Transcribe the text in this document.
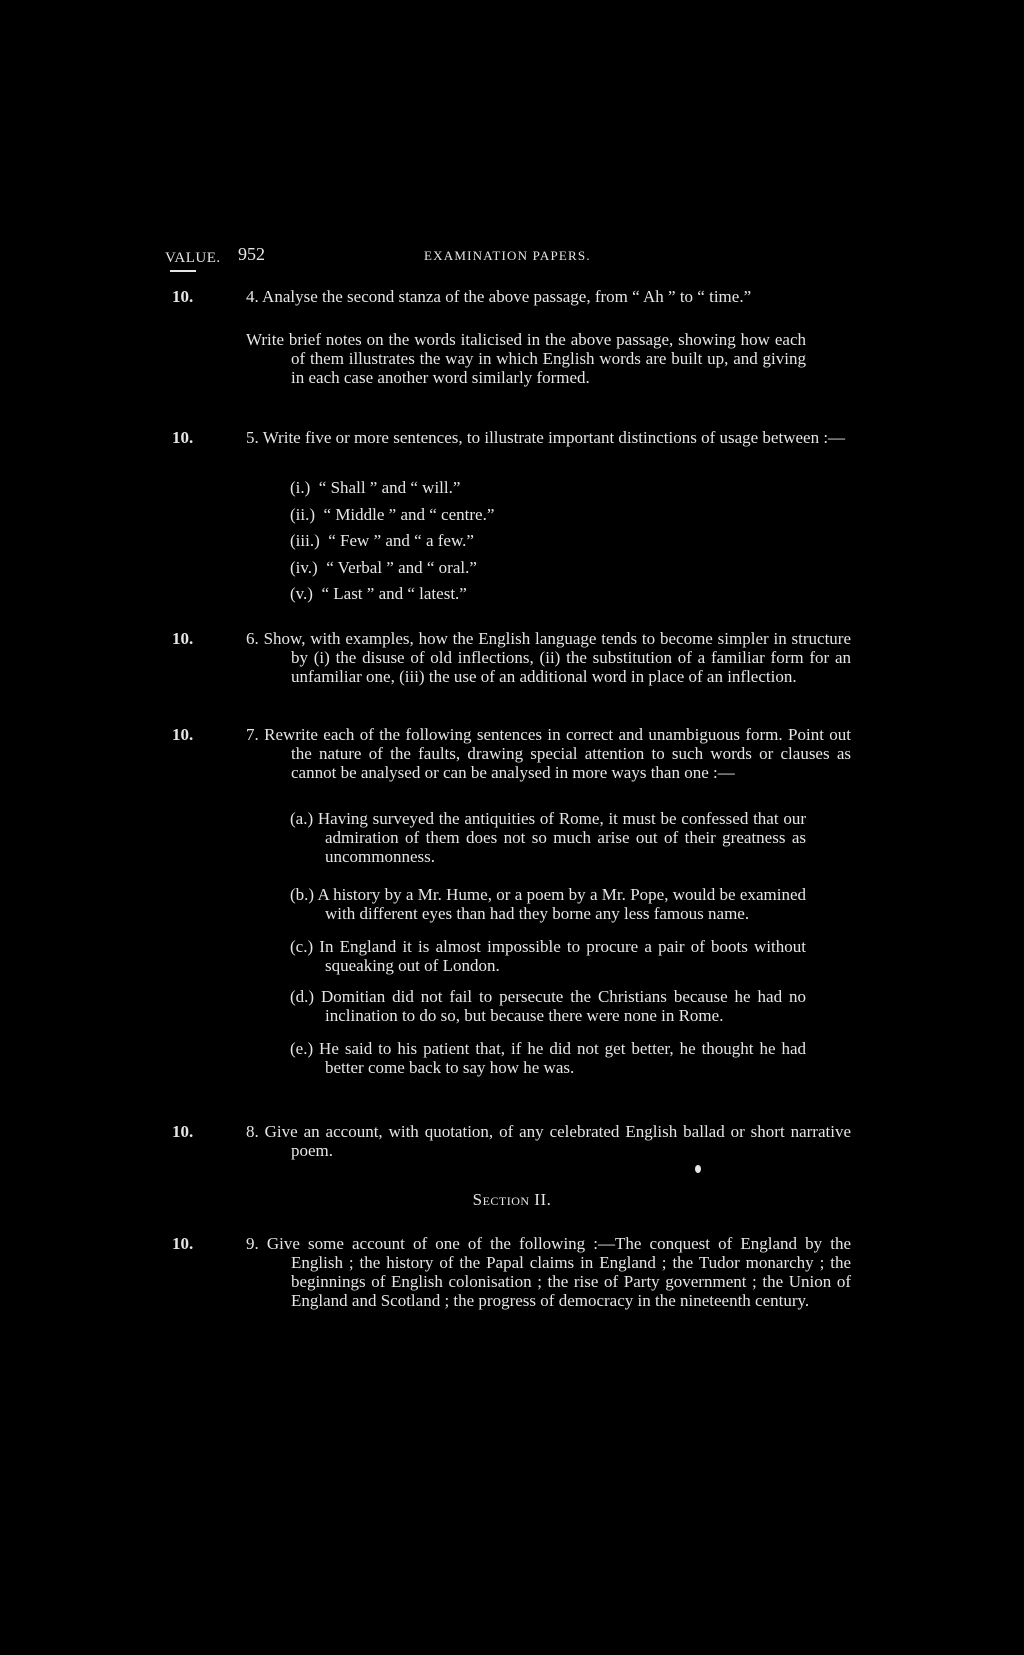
VALUE. 952	EXAMINATION PAPERS.
10.	4. Analyse the second stanza of the above passage, from “ Ah ” to “ time.”
Write brief notes on the words italicised in the above passage, showing how each of them illustrates the way in which English words are built up, and giving in each case another word similarly formed.
10.	5. Write five or more sentences, to illustrate important distinctions of usage between :—
(i.)  “ Shall ” and “ will.”
(ii.)  “ Middle ” and “ centre.”
(iii.)  “ Few ” and “ a few.”
(iv.)  “ Verbal ” and “ oral.”
(v.)  “ Last ” and “ latest.”
10.	6. Show, with examples, how the English language tends to become simpler in structure by (i) the disuse of old inflections, (ii) the substitution of a familiar form for an unfamiliar one, (iii) the use of an additional word in place of an inflection.
10.	7. Rewrite each of the following sentences in correct and unambiguous form. Point out the nature of the faults, drawing special attention to such words or clauses as cannot be analysed or can be analysed in more ways than one :—
(a.) Having surveyed the antiquities of Rome, it must be confessed that our admiration of them does not so much arise out of their greatness as uncommonness.
(b.) A history by a Mr. Hume, or a poem by a Mr. Pope, would be examined with different eyes than had they borne any less famous name.
(c.) In England it is almost impossible to procure a pair of boots without squeaking out of London.
(d.) Domitian did not fail to persecute the Christians because he had no inclination to do so, but because there were none in Rome.
(e.) He said to his patient that, if he did not get better, he thought he had better come back to say how he was.
10.	8. Give an account, with quotation, of any celebrated English ballad or short narrative poem.
Section II.
10.	9. Give some account of one of the following :—The conquest of England by the English ; the history of the Papal claims in England ; the Tudor monarchy ; the beginnings of English colonisation ; the rise of Party government ; the Union of England and Scotland ; the progress of democracy in the nineteenth century.
